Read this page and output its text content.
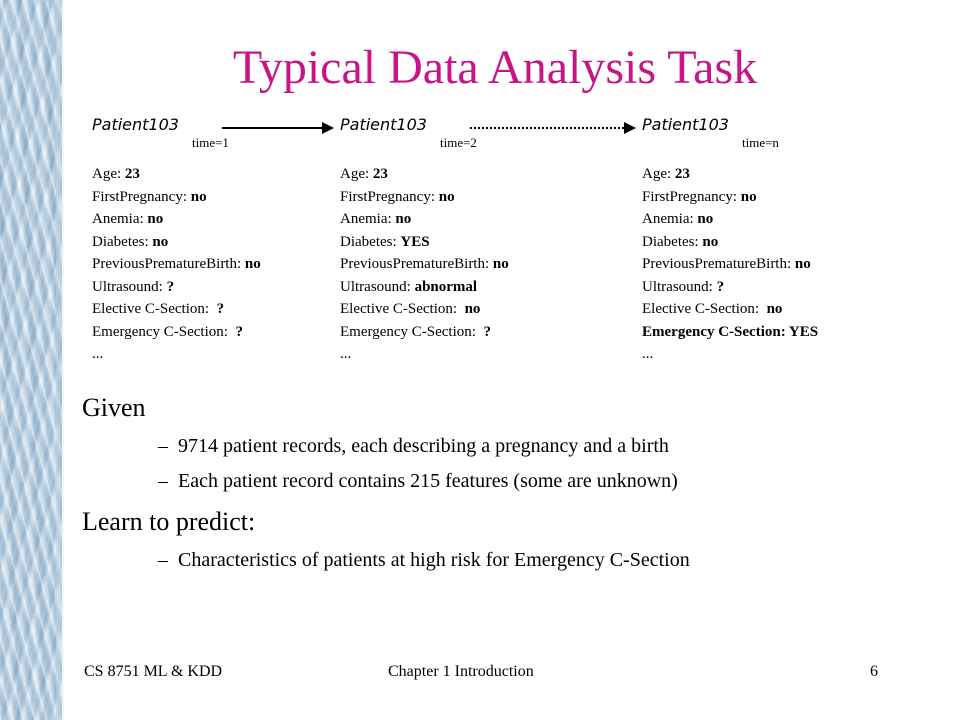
Typical Data Analysis Task
Patient103
time=1
Age: 23
FirstPregnancy: no
Anemia: no
Diabetes: no
PreviousPrematureBirth: no
Ultrasound: ?
Elective C-Section: ?
Emergency C-Section: ?
...
Patient103
time=2
Age: 23
FirstPregnancy: no
Anemia: no
Diabetes: YES
PreviousPrematureBirth: no
Ultrasound: abnormal
Elective C-Section: no
Emergency C-Section: ?
...
Patient103
time=n
Age: 23
FirstPregnancy: no
Anemia: no
Diabetes: no
PreviousPrematureBirth: no
Ultrasound: ?
Elective C-Section: no
Emergency C-Section: YES
...
Given
– 9714 patient records, each describing a pregnancy and a birth
– Each patient record contains 215 features (some are unknown)
Learn to predict:
– Characteristics of patients at high risk for Emergency C-Section
CS 8751 ML & KDD	Chapter 1 Introduction	6
